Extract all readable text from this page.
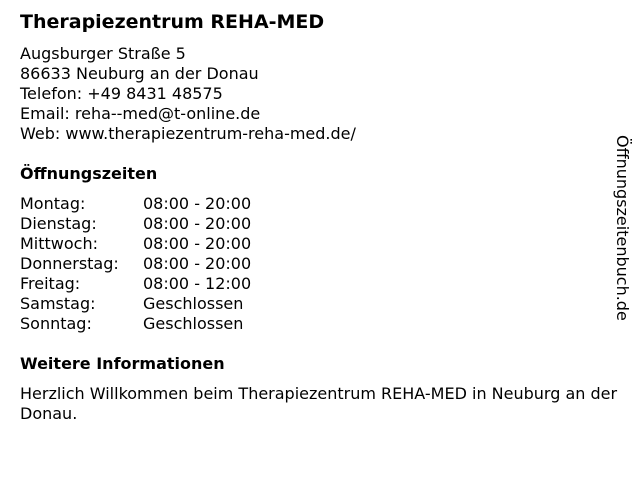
Therapiezentrum REHA-MED
Augsburger Straße 5
86633 Neuburg an der Donau
Telefon: +49 8431 48575
Email: reha--med@t-online.de
Web: www.therapiezentrum-reha-med.de/
Öffnungszeiten
Montag:	08:00 - 20:00
Dienstag:	08:00 - 20:00
Mittwoch:	08:00 - 20:00
Donnerstag:	08:00 - 20:00
Freitag:	08:00 - 12:00
Samstag:	Geschlossen
Sonntag:	Geschlossen
Weitere Informationen
Herzlich Willkommen beim Therapiezentrum REHA-MED in Neuburg an der Donau.
Öffnungszeitenbuch.de
